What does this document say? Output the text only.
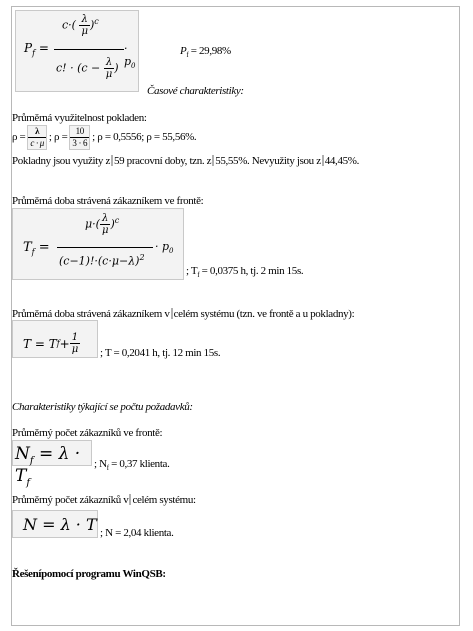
$P_f$ =
$c\cdot( \frac{\lambda}{\mu} )^c$
· $p_0$
c! · ($c - \frac{\lambda}{\mu}$ )
$P_f = 29,98\%$
Časové charakteristiky:
Průměrná využitelnost pokladen:
$\rho = \frac{\lambda}{c \cdot \mu}$ ; $\rho = \frac{10}{3 \cdot 6}$ ; ρ = 0,5556; ρ = 55,56%.
Pokladny jsou využity z 59 pracovní doby, tzn. z 55,55%. Nevyužity jsou z 44,45%.
Průměrná doba strávená zákazníkem ve frontě:
$T_f$ =
$\mu\cdot( \frac{\lambda}{\mu} )^c$
· $p_0$
$(c-1)!\cdot(c\cdot\mu-\lambda)^2$
; $T_f = 0,0375$ h, tj. 2 min 15s.
Průměrná doba strávená zákazníkem v celém systému (tzn. ve frontě a u pokladny):
T = T $f + \frac{1}{\mu}$ ; T = 0,2041 h, tj. 12 min 15s.
Charakteristiky týkající se počtu požadavků:
Průměrný počet zákazníků ve frontě:
$N_f = \lambda \cdot T_f$
; $N_f = 0,37$ klienta.
Průměrný počet zákazníků v celém systému:
N = λ · T ; N = 2,04 klienta.
Řešenípomocí programu WinQSB:
